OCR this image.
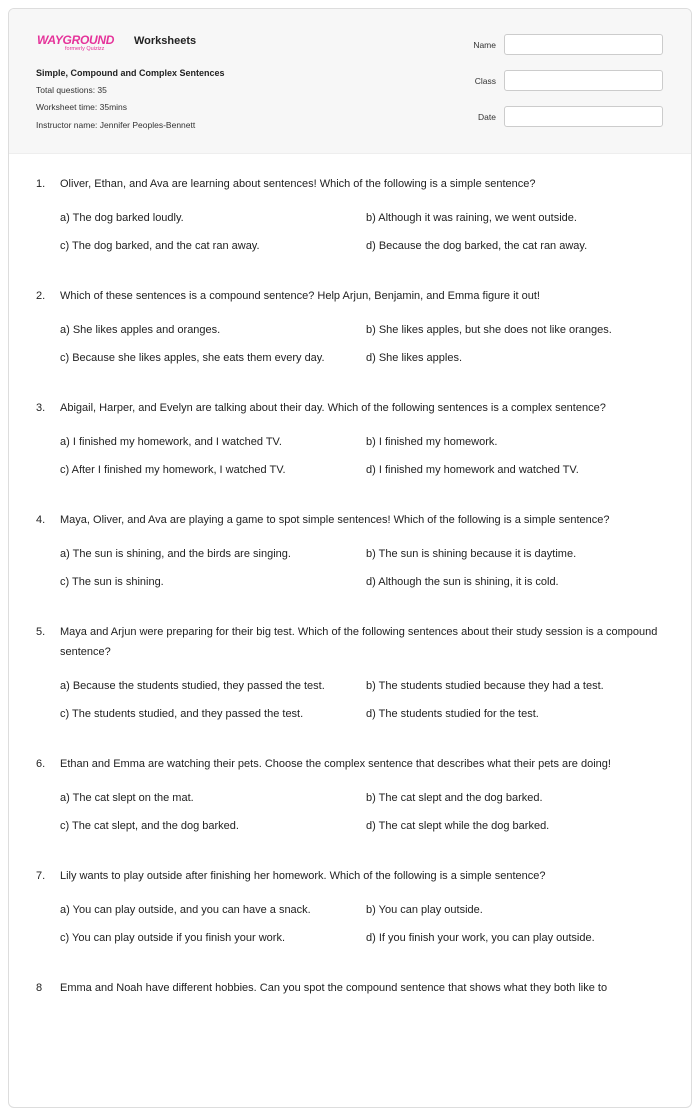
WAYGROUND
formerly Quizizz
Worksheets
Simple, Compound and Complex Sentences
Total questions: 35
Worksheet time: 35mins
Instructor name: Jennifer Peoples-Bennett
Name
Class
Date
1.	Oliver, Ethan, and Ava are learning about sentences! Which of the following is a simple sentence?
a) The dog barked loudly.	b) Although it was raining, we went outside.
c) The dog barked, and the cat ran away.	d) Because the dog barked, the cat ran away.
2.	Which of these sentences is a compound sentence? Help Arjun, Benjamin, and Emma figure it out!
a) She likes apples and oranges.	b) She likes apples, but she does not like oranges.
c) Because she likes apples, she eats them every day.	d) She likes apples.
3.	Abigail, Harper, and Evelyn are talking about their day. Which of the following sentences is a complex sentence?
a) I finished my homework, and I watched TV.	b) I finished my homework.
c) After I finished my homework, I watched TV.	d) I finished my homework and watched TV.
4.	Maya, Oliver, and Ava are playing a game to spot simple sentences! Which of the following is a simple sentence?
a) The sun is shining, and the birds are singing.	b) The sun is shining because it is daytime.
c) The sun is shining.	d) Although the sun is shining, it is cold.
5.	Maya and Arjun were preparing for their big test. Which of the following sentences about their study session is a compound sentence?
a) Because the students studied, they passed the test.	b) The students studied because they had a test.
c) The students studied, and they passed the test.	d) The students studied for the test.
6.	Ethan and Emma are watching their pets. Choose the complex sentence that describes what their pets are doing!
a) The cat slept on the mat.	b) The cat slept and the dog barked.
c) The cat slept, and the dog barked.	d) The cat slept while the dog barked.
7.	Lily wants to play outside after finishing her homework. Which of the following is a simple sentence?
a) You can play outside, and you can have a snack.	b) You can play outside.
c) You can play outside if you finish your work.	d) If you finish your work, you can play outside.
8	Emma and Noah have different hobbies. Can you spot the compound sentence that shows what they both like to
